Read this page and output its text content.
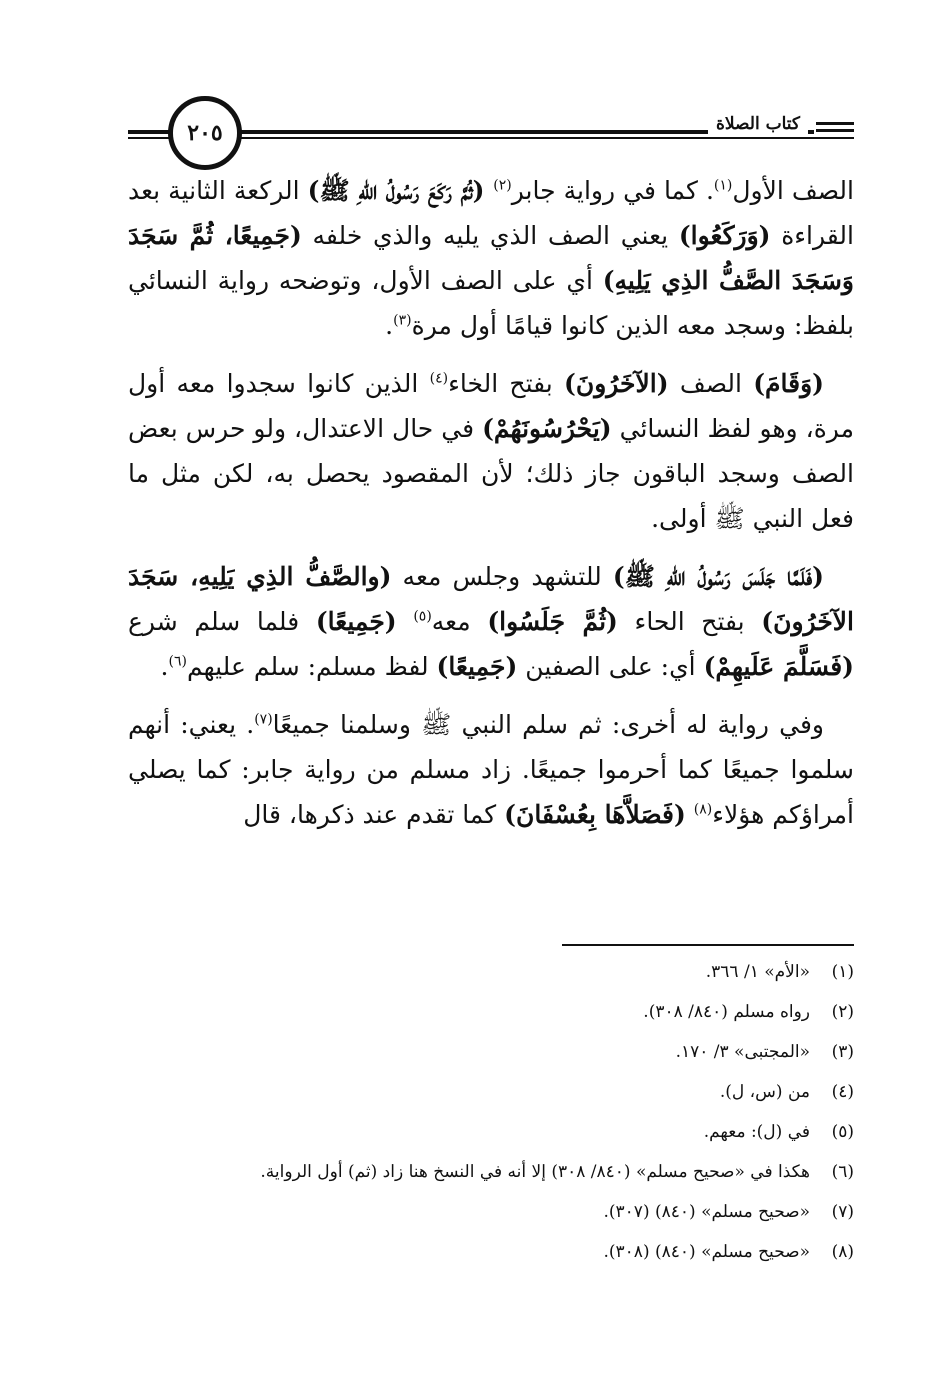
٢٠٥	كتاب الصلاة

الصف الأول$^{(١)}$. كما في رواية جابر$^{(٢)}$ (ثُمَّ رَكَعَ رَسُولُ اللهِ ﷺ) الركعة الثانية بعد القراءة (وَرَكَعُوا) يعني الصف الذي يليه والذي خلفه (جَمِيعًا، ثُمَّ سَجَدَ وَسَجَدَ الصَّفُّ الذِي يَلِيهِ) أي على الصف الأول، وتوضحه رواية النسائي بلفظ: وسجد معه الذين كانوا قيامًا أول مرة$^{(٣)}$.

(وَقَامَ) الصف (الآخَرُونَ) بفتح الخاء$^{(٤)}$ الذين كانوا سجدوا معه أول مرة، وهو لفظ النسائي (يَحْرُسُونَهُمْ) في حال الاعتدال، ولو حرس بعض الصف وسجد الباقون جاز ذلك؛ لأن المقصود يحصل به، لكن مثل ما فعل النبي ﷺ أولى.

(فَلَمَّا جَلَسَ رَسُولُ اللهِ ﷺ) للتشهد وجلس معه (والصَّفُّ الذِي يَلِيهِ، سَجَدَ الآخَرُونَ) بفتح الحاء (ثُمَّ جَلَسُوا) معه$^{(٥)}$ (جَمِيعًا) فلما سلم شرع (فَسَلَّمَ عَلَيهِمْ) أي: على الصفين (جَمِيعًا) لفظ مسلم: سلم عليهم$^{(٦)}$.

وفي رواية له أخرى: ثم سلم النبي ﷺ وسلمنا جميعًا$^{(٧)}$. يعني: أنهم سلموا جميعًا كما أحرموا جميعًا. زاد مسلم من رواية جابر: كما يصلي أمراؤكم هؤلاء$^{(٨)}$ (فَصَلاَّهَا بِعُسْفَانَ) كما تقدم عند ذكرها، قال

(١)
«الأم» ١/ ٣٦٦.
(٢)
رواه مسلم (٨٤٠/ ٣٠٨).
(٣)
«المجتبى» ٣/ ١٧٠.
(٤)
من (س، ل).
(٥)
في (ل): معهم.
(٦)
هكذا في «صحيح مسلم» (٨٤٠/ ٣٠٨) إلا أنه في النسخ هنا زاد (ثم) أول الرواية.
(٧)
«صحيح مسلم» (٨٤٠) (٣٠٧).
(٨)
«صحيح مسلم» (٨٤٠) (٣٠٨).
